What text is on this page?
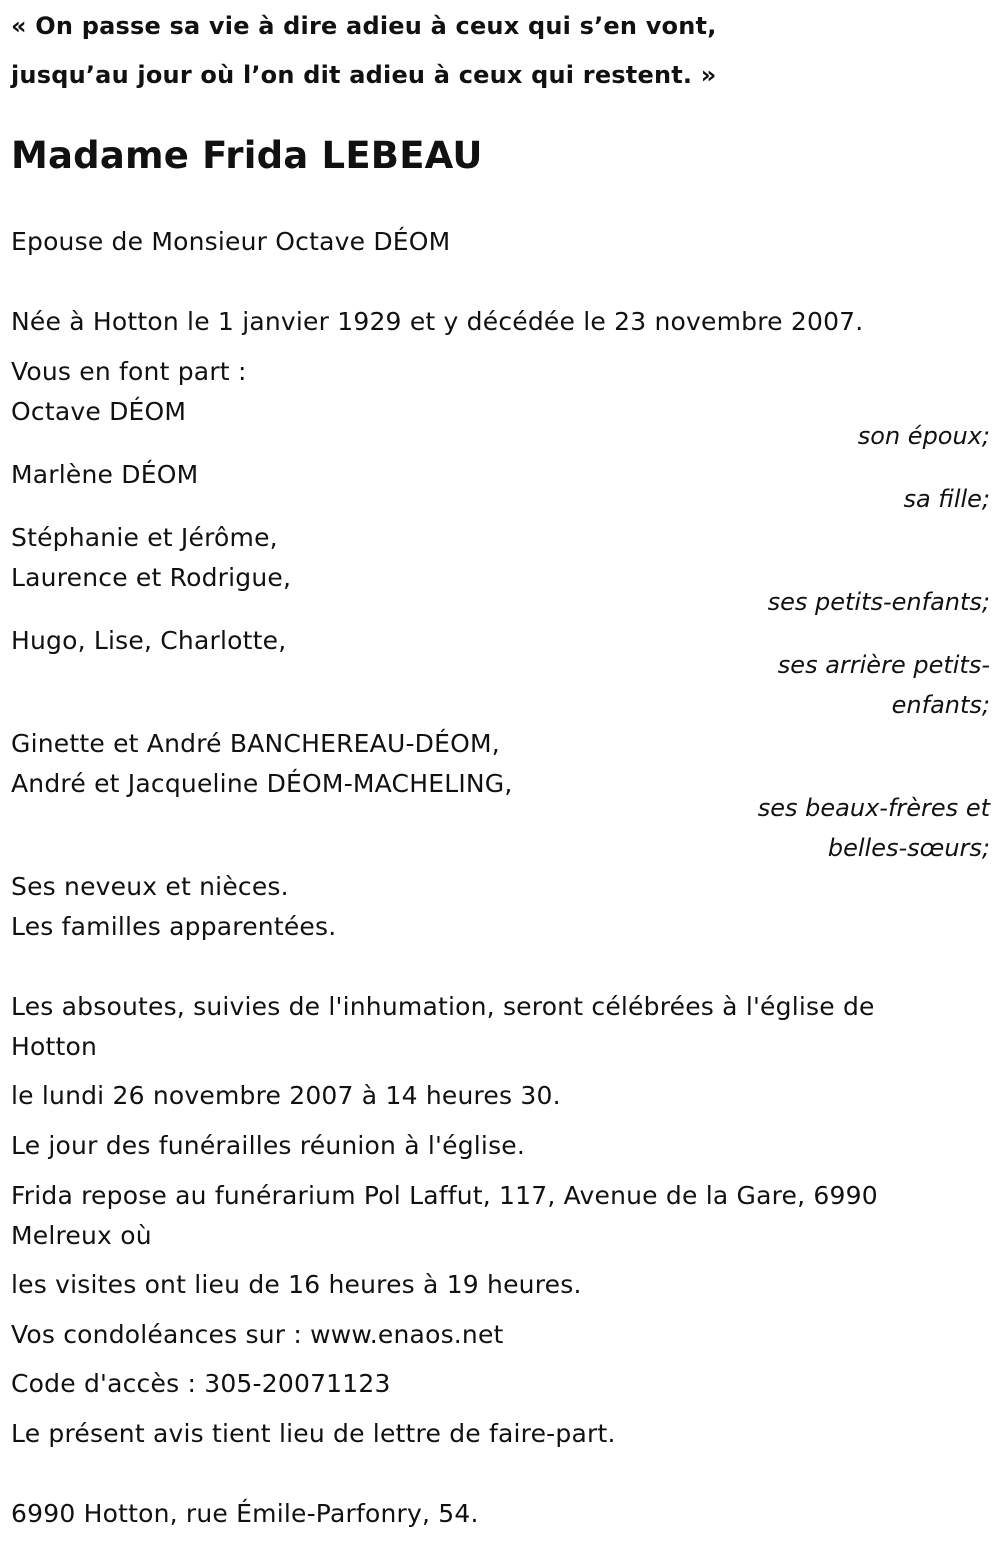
« On passe sa vie à dire adieu à ceux qui s’en vont,
jusqu’au jour où l’on dit adieu à ceux qui restent. »
Madame Frida LEBEAU
Epouse de Monsieur Octave DÉOM
Née à Hotton le 1 janvier 1929 et y décédée le 23 novembre 2007.
Vous en font part :
Octave DÉOM
son époux;
Marlène DÉOM
sa fille;
Stéphanie et Jérôme,
Laurence et Rodrigue,
ses petits-enfants;
Hugo, Lise, Charlotte,
ses arrière petits-
enfants;
Ginette et André BANCHEREAU-DÉOM,
André et Jacqueline DÉOM-MACHELING,
ses beaux-frères et
belles-sœurs;
Ses neveux et nièces.
Les familles apparentées.
Les absoutes, suivies de l'inhumation, seront célébrées à l'église de
Hotton
le lundi 26 novembre 2007 à 14 heures 30.
Le jour des funérailles réunion à l'église.
Frida repose au funérarium Pol Laffut, 117, Avenue de la Gare, 6990
Melreux où
les visites ont lieu de 16 heures à 19 heures.
Vos condoléances sur : www.enaos.net
Code d'accès : 305-20071123
Le présent avis tient lieu de lettre de faire-part.
6990 Hotton, rue Émile-Parfonry, 54.
